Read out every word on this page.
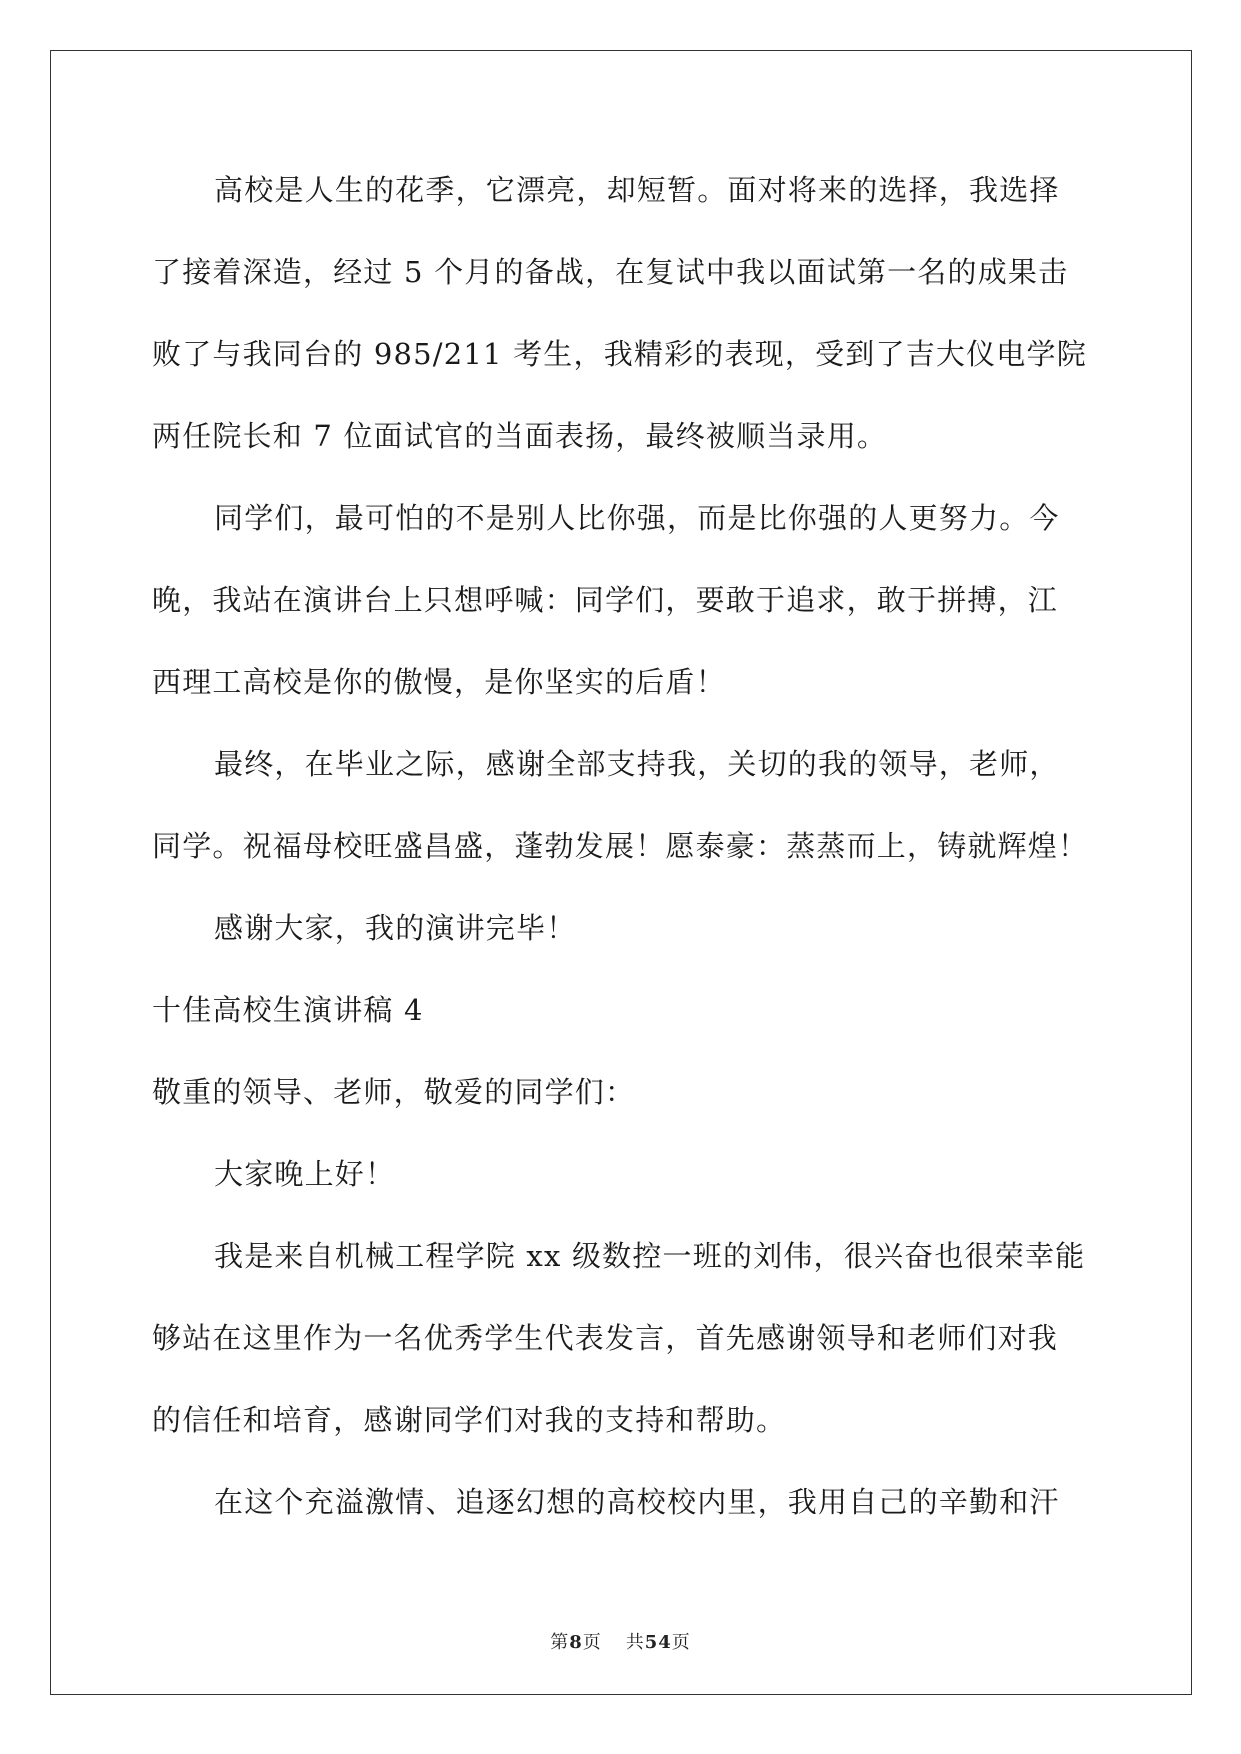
高校是人生的花季，它漂亮，却短暂。面对将来的选择，我选择
了接着深造，经过 5 个月的备战，在复试中我以面试第一名的成果击
败了与我同台的 985/211 考生，我精彩的表现，受到了吉大仪电学院
两任院长和 7 位面试官的当面表扬，最终被顺当录用。
同学们，最可怕的不是别人比你强，而是比你强的人更努力。今
晚，我站在演讲台上只想呼喊：同学们，要敢于追求，敢于拼搏，江
西理工高校是你的傲慢，是你坚实的后盾！
最终，在毕业之际，感谢全部支持我，关切的我的领导，老师，
同学。祝福母校旺盛昌盛，蓬勃发展！愿泰豪：蒸蒸而上，铸就辉煌！
感谢大家，我的演讲完毕！
十佳高校生演讲稿 4
敬重的领导、老师，敬爱的同学们：
大家晚上好！
我是来自机械工程学院 xx 级数控一班的刘伟，很兴奋也很荣幸能
够站在这里作为一名优秀学生代表发言，首先感谢领导和老师们对我
的信任和培育，感谢同学们对我的支持和帮助。
在这个充溢激情、追逐幻想的高校校内里，我用自己的辛勤和汗
第8页 共54页
